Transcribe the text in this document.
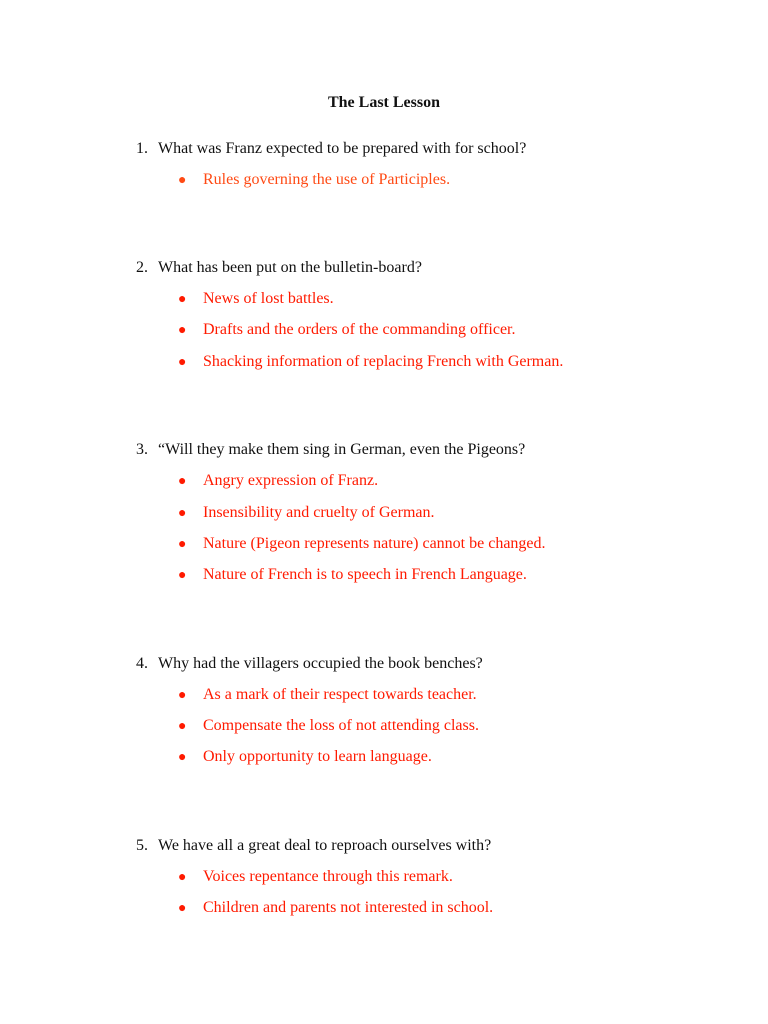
The Last Lesson
1. What was Franz expected to be prepared with for school?
● Rules governing the use of Participles.
2. What has been put on the bulletin-board?
● News of lost battles.
● Drafts and the orders of the commanding officer.
● Shacking information of replacing French with German.
3. “Will they make them sing in German, even the Pigeons?
● Angry expression of Franz.
● Insensibility and cruelty of German.
● Nature (Pigeon represents nature) cannot be changed.
● Nature of French is to speech in French Language.
4. Why had the villagers occupied the book benches?
● As a mark of their respect towards teacher.
● Compensate the loss of not attending class.
● Only opportunity to learn language.
5. We have all a great deal to reproach ourselves with?
● Voices repentance through this remark.
● Children and parents not interested in school.
